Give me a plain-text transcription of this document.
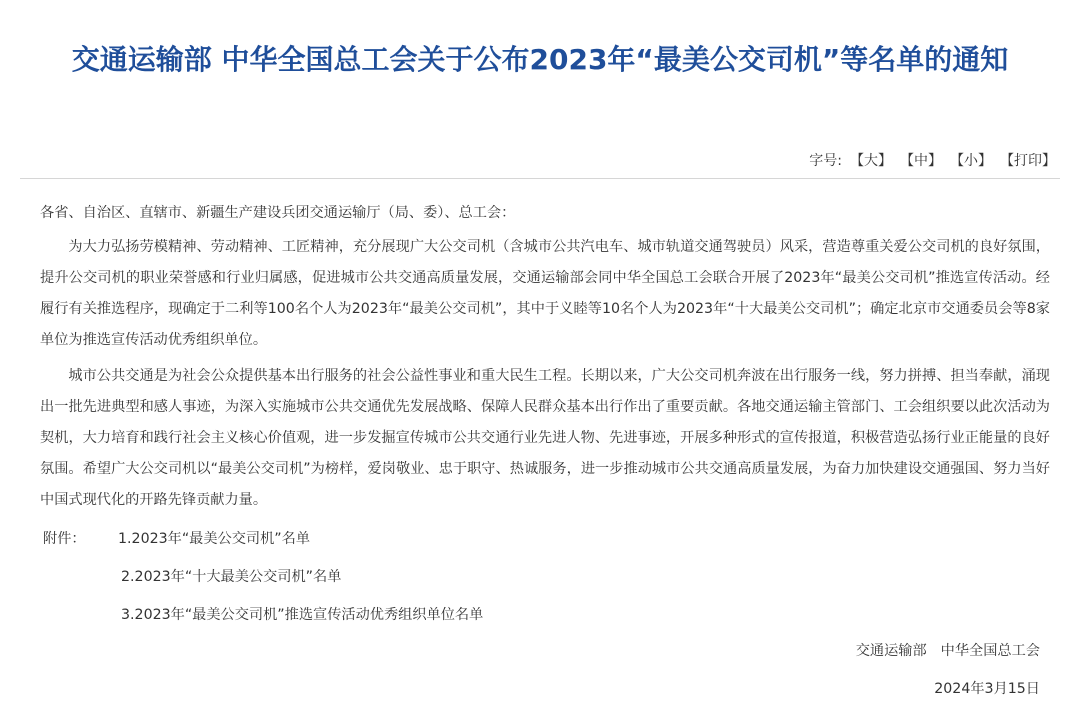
交通运输部 中华全国总工会关于公布2023年“最美公交司机”等名单的通知
字号: 【大】 【中】 【小】 【打印】

各省、自治区、直辖市、新疆生产建设兵团交通运输厅（局、委）、总工会：

为大力弘扬劳模精神、劳动精神、工匠精神，充分展现广大公交司机（含城市公共汽电车、城市轨道交通驾驶员）风采，营造尊重关爱公交司机的良好氛围，提升公交司机的职业荣誉感和行业归属感，促进城市公共交通高质量发展，交通运输部会同中华全国总工会联合开展了2023年“最美公交司机”推选宣传活动。经履行有关推选程序，现确定于二利等100名个人为2023年“最美公交司机”，其中于义睦等10名个人为2023年“十大最美公交司机”；确定北京市交通委员会等8家单位为推选宣传活动优秀组织单位。

城市公共交通是为社会公众提供基本出行服务的社会公益性事业和重大民生工程。长期以来，广大公交司机奔波在出行服务一线，努力拼搏、担当奉献，涌现出一批先进典型和感人事迹，为深入实施城市公共交通优先发展战略、保障人民群众基本出行作出了重要贡献。各地交通运输主管部门、工会组织要以此次活动为契机，大力培育和践行社会主义核心价值观，进一步发掘宣传城市公共交通行业先进人物、先进事迹，开展多种形式的宣传报道，积极营造弘扬行业正能量的良好氛围。希望广大公交司机以“最美公交司机”为榜样，爱岗敬业、忠于职守、热诚服务，进一步推动城市公共交通高质量发展，为奋力加快建设交通强国、努力当好中国式现代化的开路先锋贡献力量。

附件： 1.2023年“最美公交司机”名单
2.2023年“十大最美公交司机”名单
3.2023年“最美公交司机”推选宣传活动优秀组织单位名单
交通运输部 中华全国总工会
2024年3月15日
